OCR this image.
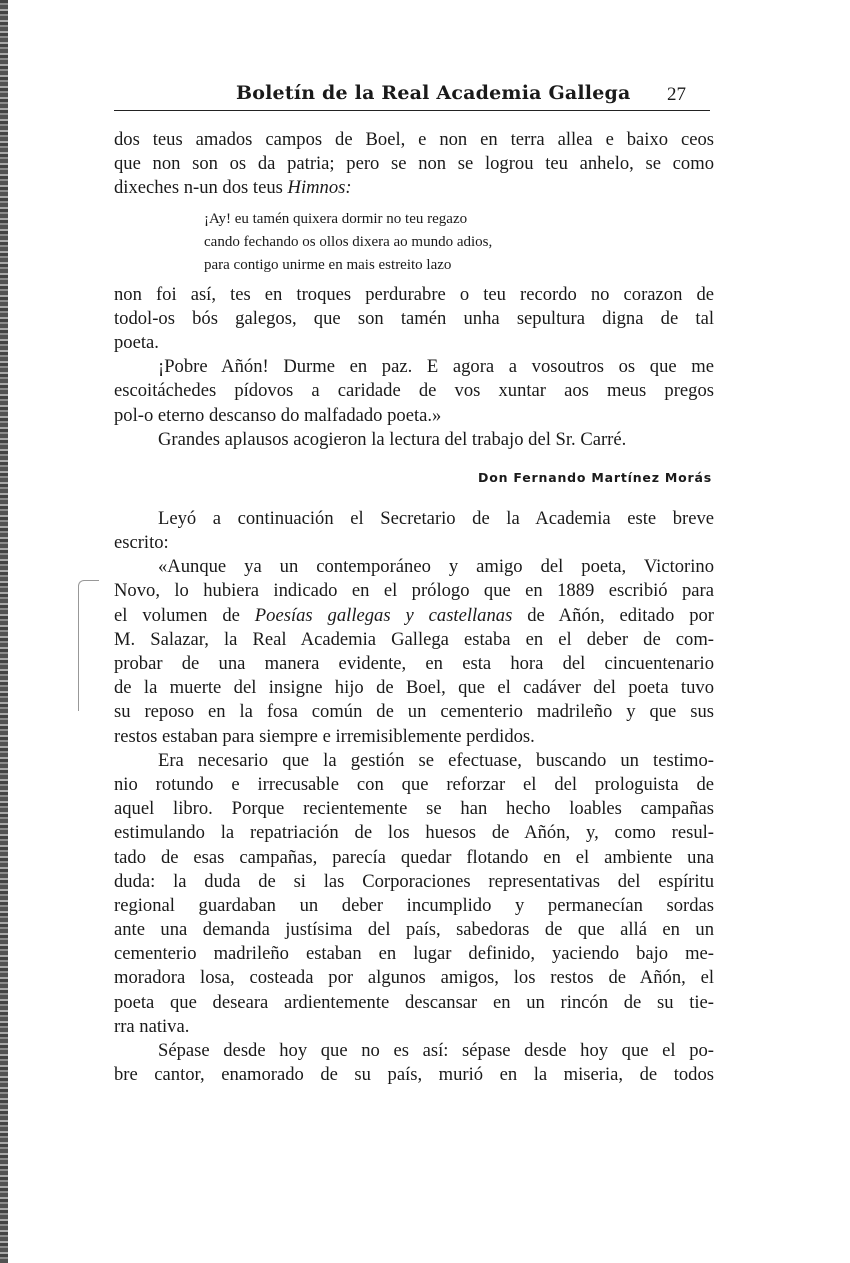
Boletín de la Real Academia Gallega 27
dos teus amados campos de Boel, e non en terra allea e baixo ceos
que non son os da patria; pero se non se logrou teu anhelo, se como
dixeches n-un dos teus Himnos:
¡Ay! eu tamén quixera dormir no teu regazo
cando fechando os ollos dixera ao mundo adios,
para contigo unirme en mais estreito lazo
non foi así, tes en troques perdurabre o teu recordo no corazon de
todol-os bós galegos, que son tamén unha sepultura digna de tal
poeta.
¡Pobre Añón! Durme en paz. E agora a vosoutros os que me
escoitáchedes pídovos a caridade de vos xuntar aos meus pregos
pol-o eterno descanso do malfadado poeta.»
Grandes aplausos acogieron la lectura del trabajo del Sr. Carré.
Don Fernando Martínez Morás
Leyó a continuación el Secretario de la Academia este breve
escrito:
«Aunque ya un contemporáneo y amigo del poeta, Victorino
Novo, lo hubiera indicado en el prólogo que en 1889 escribió para
el volumen de Poesías gallegas y castellanas de Añón, editado por
M. Salazar, la Real Academia Gallega estaba en el deber de com-
probar de una manera evidente, en esta hora del cincuentenario
de la muerte del insigne hijo de Boel, que el cadáver del poeta tuvo
su reposo en la fosa común de un cementerio madrileño y que sus
restos estaban para siempre e irremisiblemente perdidos.
Era necesario que la gestión se efectuase, buscando un testimo-
nio rotundo e irrecusable con que reforzar el del prologuista de
aquel libro. Porque recientemente se han hecho loables campañas
estimulando la repatriación de los huesos de Añón, y, como resul-
tado de esas campañas, parecía quedar flotando en el ambiente una
duda: la duda de si las Corporaciones representativas del espíritu
regional guardaban un deber incumplido y permanecían sordas
ante una demanda justísima del país, sabedoras de que allá en un
cementerio madrileño estaban en lugar definido, yaciendo bajo me-
moradora losa, costeada por algunos amigos, los restos de Añón, el
poeta que deseara ardientemente descansar en un rincón de su tie-
rra nativa.
Sépase desde hoy que no es así: sépase desde hoy que el po-
bre cantor, enamorado de su país, murió en la miseria, de todos
